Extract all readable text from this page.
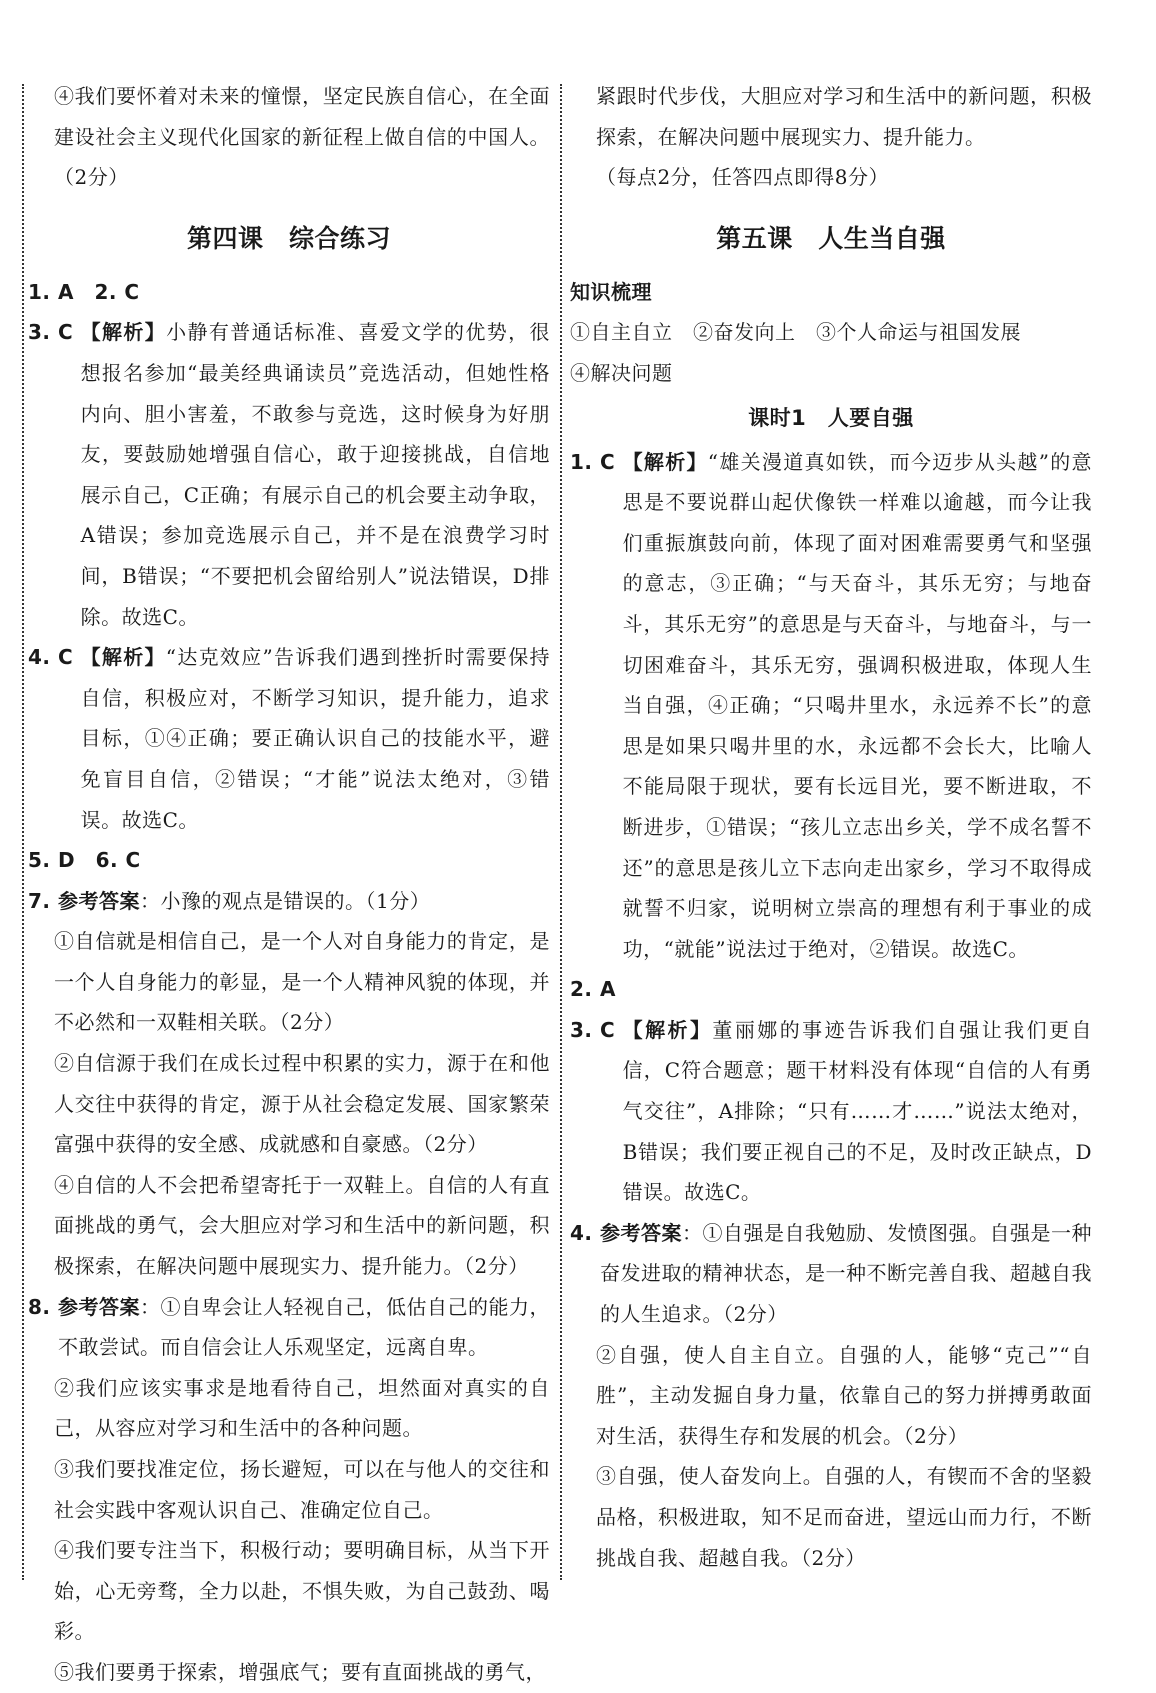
④我们要怀着对未来的憧憬，坚定民族自信心，在全面建设社会主义现代化国家的新征程上做自信的中国人。（2分）

第四课　综合练习

1. A　2. C

3. C 【解析】小静有普通话标准、喜爱文学的优势，很想报名参加“最美经典诵读员”竞选活动，但她性格内向、胆小害羞，不敢参与竞选，这时候身为好朋友，要鼓励她增强自信心，敢于迎接挑战，自信地展示自己，C正确；有展示自己的机会要主动争取，A错误；参加竞选展示自己，并不是在浪费学习时间，B错误；“不要把机会留给别人”说法错误，D排除。故选C。
4. C 【解析】“达克效应”告诉我们遇到挫折时需要保持自信，积极应对，不断学习知识，提升能力，追求目标，①④正确；要正确认识自己的技能水平，避免盲目自信，②错误；“才能”说法太绝对，③错误。故选C。

5. D　6. C

7. 参考答案：小豫的观点是错误的。（1分）

①自信就是相信自己，是一个人对自身能力的肯定，是一个人自身能力的彰显，是一个人精神风貌的体现，并不必然和一双鞋相关联。（2分）

②自信源于我们在成长过程中积累的实力，源于在和他人交往中获得的肯定，源于从社会稳定发展、国家繁荣富强中获得的安全感、成就感和自豪感。（2分）

④自信的人不会把希望寄托于一双鞋上。自信的人有直面挑战的勇气，会大胆应对学习和生活中的新问题，积极探索，在解决问题中展现实力、提升能力。（2分）

8. 参考答案：①自卑会让人轻视自己，低估自己的能力，不敢尝试。而自信会让人乐观坚定，远离自卑。

②我们应该实事求是地看待自己，坦然面对真实的自己，从容应对学习和生活中的各种问题。

③我们要找准定位，扬长避短，可以在与他人的交往和社会实践中客观认识自己、准确定位自己。

④我们要专注当下，积极行动；要明确目标，从当下开始，心无旁骛，全力以赴，不惧失败，为自己鼓劲、喝彩。

⑤我们要勇于探索，增强底气；要有直面挑战的勇气，

紧跟时代步伐，大胆应对学习和生活中的新问题，积极探索，在解决问题中展现实力、提升能力。

（每点2分，任答四点即得8分）

第五课　人生当自强

知识梳理

①自主自立　②奋发向上　③个人命运与祖国发展

④解决问题

课时1　人要自强
1. C 【解析】“雄关漫道真如铁，而今迈步从头越”的意思是不要说群山起伏像铁一样难以逾越，而今让我们重振旗鼓向前，体现了面对困难需要勇气和坚强的意志，③正确；“与天奋斗，其乐无穷；与地奋斗，其乐无穷”的意思是与天奋斗，与地奋斗，与一切困难奋斗，其乐无穷，强调积极进取，体现人生当自强，④正确；“只喝井里水，永远养不长”的意思是如果只喝井里的水，永远都不会长大，比喻人不能局限于现状，要有长远目光，要不断进取，不断进步，①错误；“孩儿立志出乡关，学不成名誓不还”的意思是孩儿立下志向走出家乡，学习不取得成就誓不归家，说明树立崇高的理想有利于事业的成功，“就能”说法过于绝对，②错误。故选C。

2. A

3. C 【解析】董丽娜的事迹告诉我们自强让我们更自信，C符合题意；题干材料没有体现“自信的人有勇气交往”，A排除；“只有……才……”说法太绝对，B错误；我们要正视自己的不足，及时改正缺点，D错误。故选C。
4. 参考答案：①自强是自我勉励、发愤图强。自强是一种奋发进取的精神状态，是一种不断完善自我、超越自我的人生追求。（2分）

②自强，使人自主自立。自强的人，能够“克己”“自胜”，主动发掘自身力量，依靠自己的努力拼搏勇敢面对生活，获得生存和发展的机会。（2分）

③自强，使人奋发向上。自强的人，有锲而不舍的坚毅品格，积极进取，知不足而奋进，望远山而力行，不断挑战自我、超越自我。（2分）
